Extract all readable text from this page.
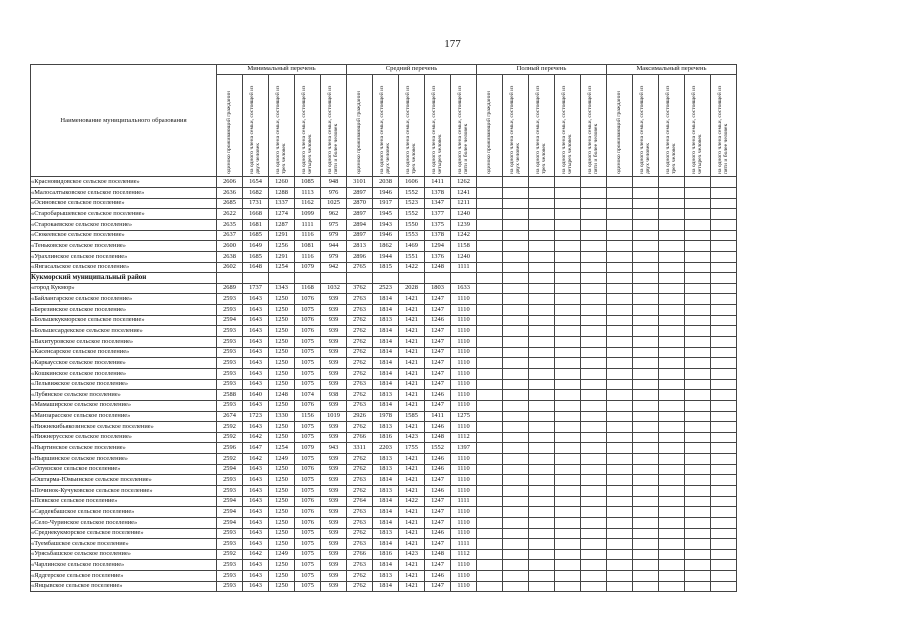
177
Наименование муниципального образования	Минимальный перечень					Средний перечень					Полный перечень					Максимальный перечень				
	одиноко проживающий гражданин	на одного члена семьи, состоящей из двух человек	на одного члена семьи, состоящей из трех человек	на одного члена семьи, состоящей из четырех человек	на одного члена семьи, состоящей из пяти и более человек	одиноко проживающий гражданин	на одного члена семьи, состоящей из двух человек	на одного члена семьи, состоящей из трех человек	на одного члена семьи, состоящей из четырех человек	на одного члена семьи, состоящей из пяти и более человек	одиноко проживающий гражданин	на одного члена семьи, состоящей из двух человек	на одного члена семьи, состоящей из трех человек	на одного члена семьи, состоящей из четырех человек	на одного члена семьи, состоящей из пяти и более человек	одиноко проживающий гражданин	на одного члена семьи, состоящей из двух человек	на одного члена семьи, состоящей из трех человек	на одного члена семьи, состоящей из четырех человек	на одного члена семьи, состоящей из пяти и более человек
«Красновидовское сельское поселение»	2606	1654	1260	1085	948	3101	2038	1606	1411	1262										
«Малосалтыковское сельское поселение»	2636	1682	1288	1113	976	2897	1946	1552	1378	1241										
«Осиновское сельское поселение»	2685	1731	1337	1162	1025	2870	1917	1523	1347	1211										
«Старобарышевское сельское поселение»	2622	1668	1274	1099	962	2897	1945	1552	1377	1240										
«Старокаевское сельское поселение»	2635	1681	1287	1111	975	2894	1943	1550	1375	1239										
«Сюкеевское сельское поселение»	2637	1685	1291	1116	979	2897	1946	1553	1378	1242										
«Теньковское сельское поселение»	2600	1649	1256	1081	944	2813	1862	1469	1294	1158										
«Урахлинское сельское поселение»	2638	1685	1291	1116	979	2896	1944	1551	1376	1240										
«Янгасальское сельское поселение»	2602	1648	1254	1079	942	2765	1815	1422	1248	1111										
Кукморский муниципальный район																				
«город Кукмор»	2689	1737	1343	1168	1032	3762	2523	2028	1803	1633										
«Байлангарское сельское поселение»	2593	1643	1250	1076	939	2763	1814	1421	1247	1110										
«Березинское сельское поселение»	2593	1643	1250	1075	939	2763	1814	1421	1247	1110										
«Большекукморское сельское поселение»	2594	1643	1250	1076	939	2762	1813	1421	1246	1110										
«Большесардекское сельское поселение»	2593	1643	1250	1076	939	2762	1814	1421	1247	1110										
«Вахитуровское сельское поселение»	2593	1643	1250	1075	939	2762	1814	1421	1247	1110										
«Касенсарское сельское поселение»	2593	1643	1250	1075	939	2762	1814	1421	1247	1110										
«Каркаусское сельское поселение»	2593	1643	1250	1075	939	2762	1814	1421	1247	1110										
«Кошкинское сельское поселение»	2593	1643	1250	1075	939	2762	1814	1421	1247	1110										
«Лельвижское сельское поселение»	2593	1643	1250	1075	939	2763	1814	1421	1247	1110										
«Лубянское сельское поселение»	2588	1640	1248	1074	938	2762	1813	1421	1246	1110										
«Мамаширское сельское поселение»	2593	1643	1250	1076	939	2763	1814	1421	1247	1110										
«Манзарасское сельское поселение»	2674	1723	1330	1156	1019	2926	1978	1585	1411	1275										
«Нижнекибьякозинское сельское поселение»	2592	1643	1250	1075	939	2762	1813	1421	1246	1110										
«Нижнерусское сельское поселение»	2592	1642	1250	1075	939	2766	1816	1423	1248	1112										
«Ныртинское сельское поселение»	2596	1647	1254	1079	943	3311	2203	1755	1552	1397										
«Ныршинское сельское поселение»	2592	1642	1249	1075	939	2762	1813	1421	1246	1110										
«Олуязское сельское поселение»	2594	1643	1250	1076	939	2762	1813	1421	1246	1110										
«Оштарма-Юмьинское сельское поселение»	2593	1643	1250	1075	939	2763	1814	1421	1247	1110										
«Починок-Кучуковское сельское поселение»	2593	1643	1250	1075	939	2762	1813	1421	1246	1110										
«Псякское сельское поселение»	2594	1643	1250	1076	939	2764	1814	1422	1247	1111										
«Сардекбашское сельское поселение»	2594	1643	1250	1076	939	2763	1814	1421	1247	1110										
«Село-Чуринское сельское поселение»	2594	1643	1250	1076	939	2763	1814	1421	1247	1110										
«Среднекукморское сельское поселение»	2593	1643	1250	1075	939	2762	1813	1421	1246	1110										
«Туембашское сельское поселение»	2593	1643	1250	1075	939	2763	1814	1421	1247	1111										
«Урясьбашское сельское поселение»	2592	1642	1249	1075	939	2766	1816	1423	1248	1112										
«Чарлинское сельское поселение»	2593	1643	1250	1075	939	2763	1814	1421	1247	1110										
«Яддгерское сельское поселение»	2593	1643	1250	1075	939	2762	1813	1421	1246	1110										
«Янцывское сельское поселение»	2593	1643	1250	1075	939	2762	1814	1421	1247	1110										
